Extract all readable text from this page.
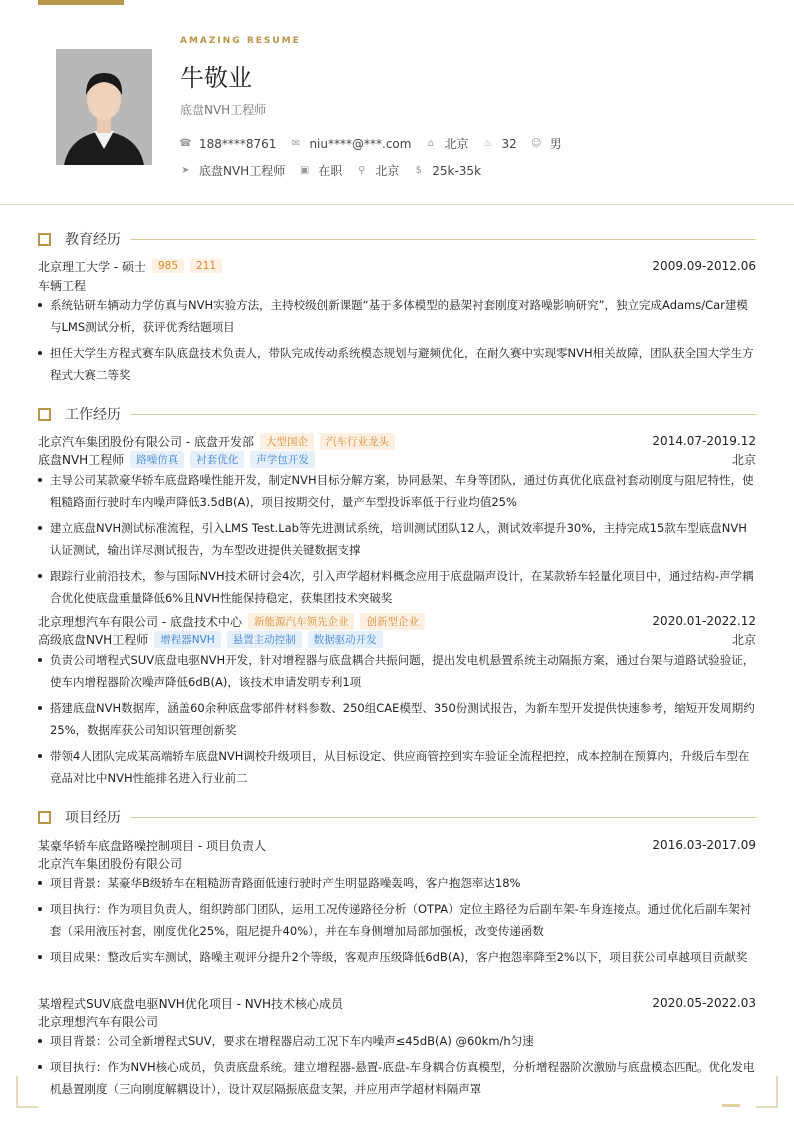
AMAZING RESUME
牛敬业
底盘NVH工程师
☎ 188****8761 ✉ niu****@***.com ⌂ 北京 ♨ 32 ☺ 男
➤ 底盘NVH工程师 ▣ 在职 ⚲ 北京 $ 25k-35k
教育经历
北京理工大学 - 硕士	985	211	2009.09-2012.06
车辆工程
系统钻研车辆动力学仿真与NVH实验方法，主持校级创新课题“基于多体模型的悬架衬套刚度对路噪影响研究”，独立完成Adams/Car建模与LMS测试分析，获评优秀结题项目
担任大学生方程式赛车队底盘技术负责人，带队完成传动系统模态规划与避频优化，在耐久赛中实现零NVH相关故障，团队获全国大学生方程式大赛二等奖
工作经历
北京汽车集团股份有限公司 - 底盘开发部	大型国企	汽车行业龙头	2014.07-2019.12
底盘NVH工程师	路噪仿真	衬套优化	声学包开发	北京
主导公司某款豪华轿车底盘路噪性能开发，制定NVH目标分解方案，协同悬架、车身等团队，通过仿真优化底盘衬套动刚度与阻尼特性，使粗糙路面行驶时车内噪声降低3.5dB(A)，项目按期交付，量产车型投诉率低于行业均值25%
建立底盘NVH测试标准流程，引入LMS Test.Lab等先进测试系统，培训测试团队12人，测试效率提升30%，主持完成15款车型底盘NVH认证测试，输出详尽测试报告，为车型改进提供关键数据支撑
跟踪行业前沿技术，参与国际NVH技术研讨会4次，引入声学超材料概念应用于底盘隔声设计，在某款轿车轻量化项目中，通过结构-声学耦合优化使底盘重量降低6%且NVH性能保持稳定，获集团技术突破奖
北京理想汽车有限公司 - 底盘技术中心	新能源汽车领先企业	创新型企业	2020.01-2022.12
高级底盘NVH工程师	增程器NVH	悬置主动控制	数据驱动开发	北京
负责公司增程式SUV底盘电驱NVH开发，针对增程器与底盘耦合共振问题，提出发电机悬置系统主动隔振方案，通过台架与道路试验验证，使车内增程器阶次噪声降低6dB(A)，该技术申请发明专利1项
搭建底盘NVH数据库，涵盖60余种底盘零部件材料参数、250组CAE模型、350份测试报告，为新车型开发提供快速参考，缩短开发周期约25%，数据库获公司知识管理创新奖
带领4人团队完成某高端轿车底盘NVH调校升级项目，从目标设定、供应商管控到实车验证全流程把控，成本控制在预算内，升级后车型在竞品对比中NVH性能排名进入行业前二
项目经历
某豪华轿车底盘路噪控制项目 - 项目负责人	2016.03-2017.09
北京汽车集团股份有限公司
项目背景：某豪华B级轿车在粗糙沥青路面低速行驶时产生明显路噪轰鸣，客户抱怨率达18%
项目执行：作为项目负责人，组织跨部门团队，运用工况传递路径分析（OTPA）定位主路径为后副车架-车身连接点。通过优化后副车架衬套（采用液压衬套，刚度优化25%，阻尼提升40%），并在车身侧增加局部加强板，改变传递函数
项目成果：整改后实车测试，路噪主观评分提升2个等级，客观声压级降低6dB(A)，客户抱怨率降至2%以下，项目获公司卓越项目贡献奖
某增程式SUV底盘电驱NVH优化项目 - NVH技术核心成员	2020.05-2022.03
北京理想汽车有限公司
项目背景：公司全新增程式SUV，要求在增程器启动工况下车内噪声≤45dB(A) @60km/h匀速
项目执行：作为NVH核心成员，负责底盘系统。建立增程器-悬置-底盘-车身耦合仿真模型，分析增程器阶次激励与底盘模态匹配。优化发电机悬置刚度（三向刚度解耦设计），设计双层隔振底盘支架，并应用声学超材料隔声罩
